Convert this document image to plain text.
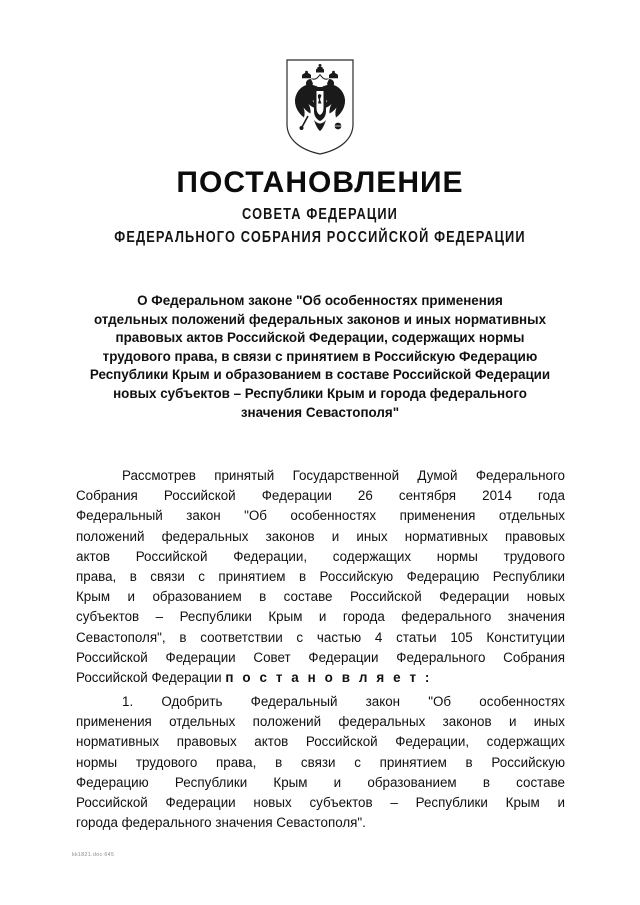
ПОСТАНОВЛЕНИЕ
СОВЕТА ФЕДЕРАЦИИ
ФЕДЕРАЛЬНОГО СОБРАНИЯ РОССИЙСКОЙ ФЕДЕРАЦИИ
О Федеральном законе "Об особенностях применения
отдельных положений федеральных законов и иных нормативных
правовых актов Российской Федерации, содержащих нормы
трудового права, в связи с принятием в Российскую Федерацию
Республики Крым и образованием в составе Российской Федерации
новых субъектов – Республики Крым и города федерального
значения Севастополя"

Рассмотрев принятый Государственной Думой Федерального
Собрания Российской Федерации 26 сентября 2014 года
Федеральный закон "Об особенностях применения отдельных
положений федеральных законов и иных нормативных правовых
актов Российской Федерации, содержащих нормы трудового
права, в связи с принятием в Российскую Федерацию Республики
Крым и образованием в составе Российской Федерации новых
субъектов – Республики Крым и города федерального значения
Севастополя", в соответствии с частью 4 статьи 105 Конституции
Российской Федерации Совет Федерации Федерального Собрания
Российской Федерации п о с т а н о в л я е т :

1. Одобрить Федеральный закон "Об особенностях
применения отдельных положений федеральных законов и иных
нормативных правовых актов Российской Федерации, содержащих
нормы трудового права, в связи с принятием в Российскую
Федерацию Республики Крым и образованием в составе
Российской Федерации новых субъектов – Республики Крым и
города федерального значения Севастополя".

kk1821.doc 645
